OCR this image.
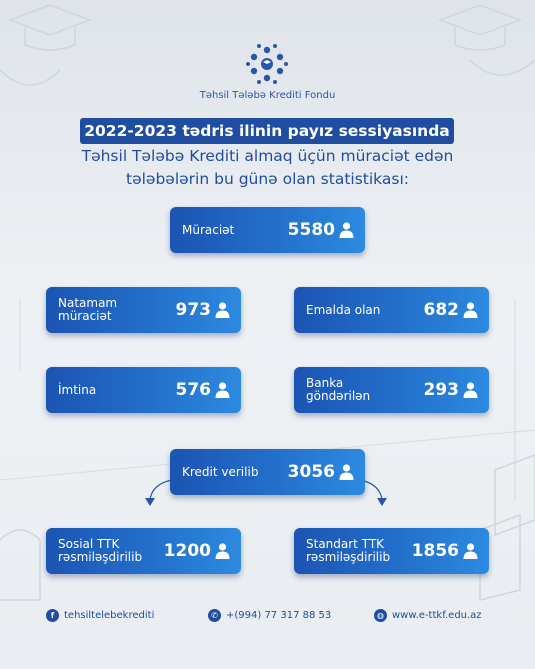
Təhsil Tələbə Krediti Fondu
2022-2023 tədris ilinin payız sessiyasında
Təhsil Tələbə Krediti almaq üçün müraciət edən
tələbələrin bu günə olan statistikası:
Müraciət	5580
Natamam
müraciət	973	Emalda olan	682
İmtina	576	Banka
göndərilən	293
Kredit verilib 3056
Sosial TTK
rəsmiləşdirilib 1200	Standart TTK
rəsmiləşdirilib 1856
f tehsiltelebekrediti	✆ +(994) 77 317 88 53	◍ www.e-ttkf.edu.az
